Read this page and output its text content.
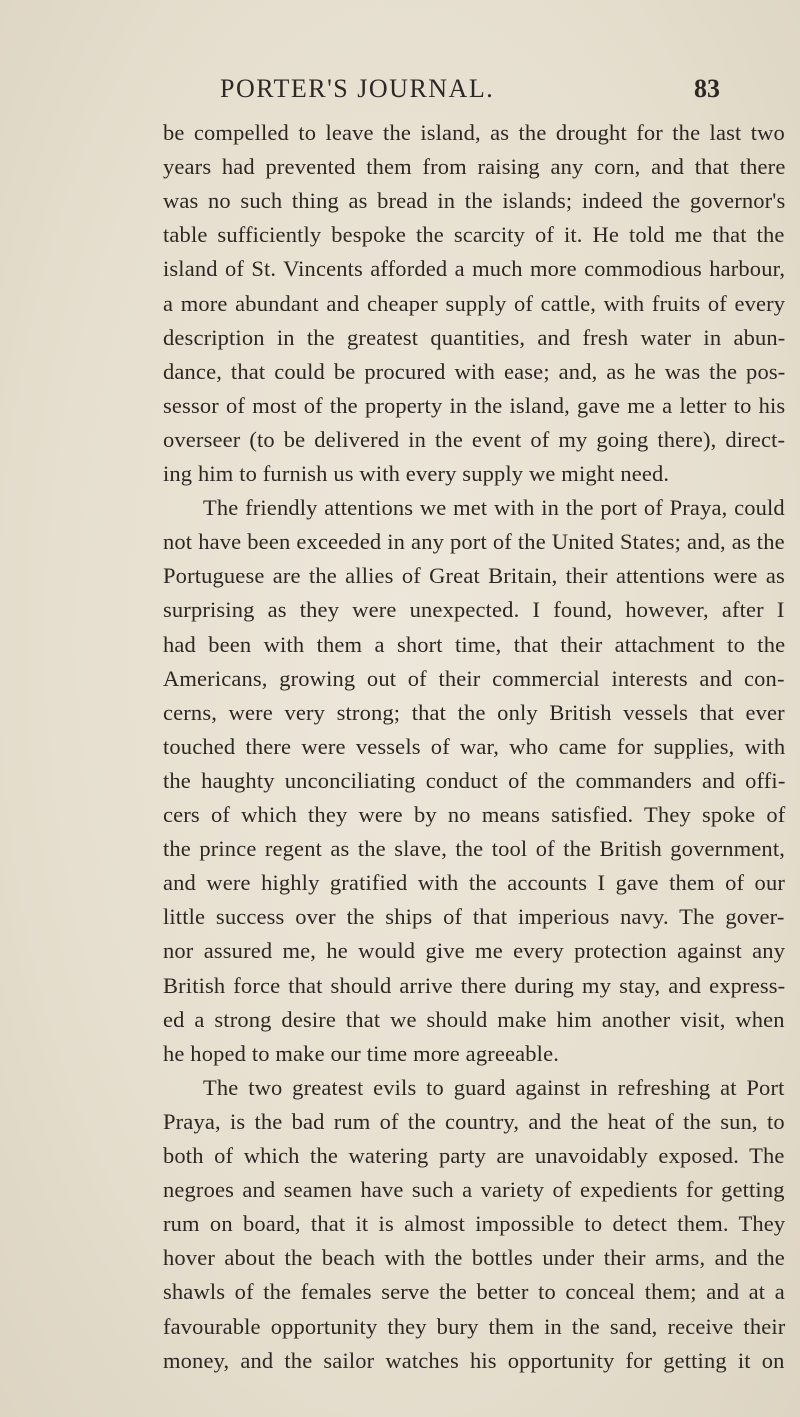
PORTER'S JOURNAL.	83
be compelled to leave the island, as the drought for the last two
years had prevented them from raising any corn, and that there
was no such thing as bread in the islands; indeed the governor's
table sufficiently bespoke the scarcity of it. He told me that the
island of St. Vincents afforded a much more commodious harbour,
a more abundant and cheaper supply of cattle, with fruits of every
description in the greatest quantities, and fresh water in abun-
dance, that could be procured with ease; and, as he was the pos-
sessor of most of the property in the island, gave me a letter to his
overseer (to be delivered in the event of my going there), direct-
ing him to furnish us with every supply we might need.
The friendly attentions we met with in the port of Praya, could
not have been exceeded in any port of the United States; and, as the
Portuguese are the allies of Great Britain, their attentions were as
surprising as they were unexpected. I found, however, after I
had been with them a short time, that their attachment to the
Americans, growing out of their commercial interests and con-
cerns, were very strong; that the only British vessels that ever
touched there were vessels of war, who came for supplies, with
the haughty unconciliating conduct of the commanders and offi-
cers of which they were by no means satisfied. They spoke of
the prince regent as the slave, the tool of the British government,
and were highly gratified with the accounts I gave them of our
little success over the ships of that imperious navy. The gover-
nor assured me, he would give me every protection against any
British force that should arrive there during my stay, and express-
ed a strong desire that we should make him another visit, when
he hoped to make our time more agreeable.
The two greatest evils to guard against in refreshing at Port
Praya, is the bad rum of the country, and the heat of the sun, to
both of which the watering party are unavoidably exposed. The
negroes and seamen have such a variety of expedients for getting
rum on board, that it is almost impossible to detect them. They
hover about the beach with the bottles under their arms, and the
shawls of the females serve the better to conceal them; and at a
favourable opportunity they bury them in the sand, receive their
money, and the sailor watches his opportunity for getting it on
